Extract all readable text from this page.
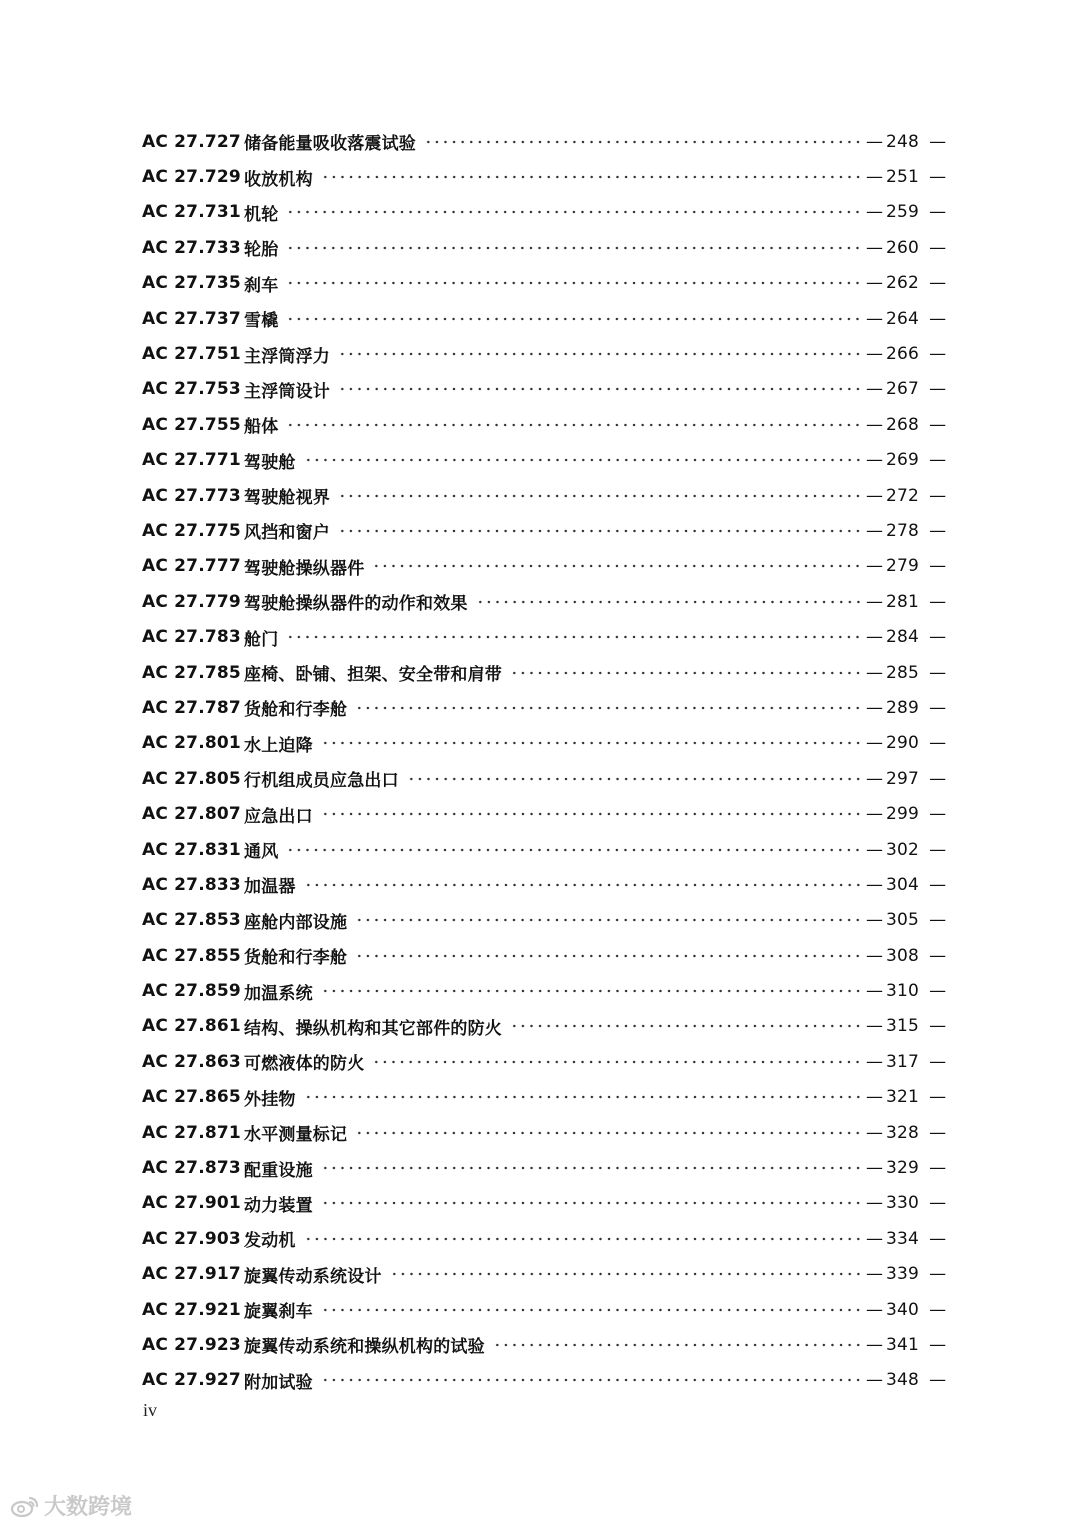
AC 27.727 储备能量吸收落震试验	— 248 —
AC 27.729 收放机构	— 251 —
AC 27.731 机轮	— 259 —
AC 27.733 轮胎	— 260 —
AC 27.735 刹车	— 262 —
AC 27.737 雪橇	— 264 —
AC 27.751 主浮筒浮力	— 266 —
AC 27.753 主浮筒设计	— 267 —
AC 27.755 船体	— 268 —
AC 27.771 驾驶舱	— 269 —
AC 27.773 驾驶舱视界	— 272 —
AC 27.775 风挡和窗户	— 278 —
AC 27.777 驾驶舱操纵器件	— 279 —
AC 27.779 驾驶舱操纵器件的动作和效果	— 281 —
AC 27.783 舱门	— 284 —
AC 27.785 座椅、卧铺、担架、安全带和肩带	— 285 —
AC 27.787 货舱和行李舱	— 289 —
AC 27.801 水上迫降	— 290 —
AC 27.805 行机组成员应急出口	— 297 —
AC 27.807 应急出口	— 299 —
AC 27.831 通风	— 302 —
AC 27.833 加温器	— 304 —
AC 27.853 座舱内部设施	— 305 —
AC 27.855 货舱和行李舱	— 308 —
AC 27.859 加温系统	— 310 —
AC 27.861 结构、操纵机构和其它部件的防火	— 315 —
AC 27.863 可燃液体的防火	— 317 —
AC 27.865 外挂物	— 321 —
AC 27.871 水平测量标记	— 328 —
AC 27.873 配重设施	— 329 —
AC 27.901 动力装置	— 330 —
AC 27.903 发动机	— 334 —
AC 27.917 旋翼传动系统设计	— 339 —
AC 27.921 旋翼刹车	— 340 —
AC 27.923 旋翼传动系统和操纵机构的试验	— 341 —
AC 27.927 附加试验	— 348 —
iv
大数跨境
